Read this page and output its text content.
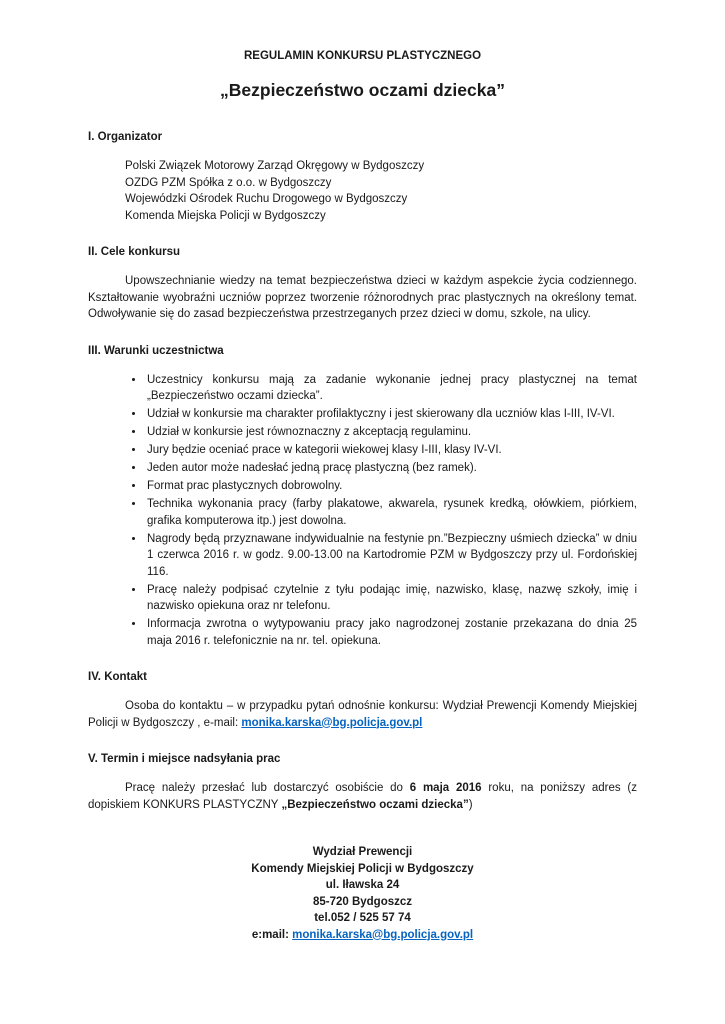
REGULAMIN KONKURSU PLASTYCZNEGO
„Bezpieczeństwo oczami dziecka”
I. Organizator
Polski Związek Motorowy Zarząd Okręgowy w Bydgoszczy
OZDG PZM Spółka z o.o. w Bydgoszczy
Wojewódzki Ośrodek Ruchu Drogowego w Bydgoszczy
Komenda Miejska Policji w Bydgoszczy
II. Cele konkursu
Upowszechnianie wiedzy na temat bezpieczeństwa dzieci w każdym aspekcie życia codziennego. Kształtowanie wyobraźni uczniów poprzez tworzenie różnorodnych prac plastycznych na określony temat. Odwoływanie się do zasad bezpieczeństwa przestrzeganych przez dzieci w domu, szkole, na ulicy.
III. Warunki uczestnictwa
• Uczestnicy konkursu mają za zadanie wykonanie jednej pracy plastycznej na temat „Bezpieczeństwo oczami dziecka”.
• Udział w konkursie ma charakter profilaktyczny i jest skierowany dla uczniów klas I-III, IV-VI.
• Udział w konkursie jest równoznaczny z akceptacją regulaminu.
• Jury będzie oceniać prace w kategorii wiekowej klasy I-III, klasy IV-VI.
• Jeden autor może nadesłać jedną pracę plastyczną (bez ramek).
• Format prac plastycznych dobrowolny.
• Technika wykonania pracy (farby plakatowe, akwarela, rysunek kredką, ołówkiem, piórkiem, grafika komputerowa itp.) jest dowolna.
• Nagrody będą przyznawane indywidualnie na festynie pn.”Bezpieczny uśmiech dziecka” w dniu 1 czerwca 2016 r. w godz. 9.00-13.00 na Kartodromie PZM w Bydgoszczy przy ul. Fordońskiej 116.
• Pracę należy podpisać czytelnie z tyłu podając imię, nazwisko, klasę, nazwę szkoły, imię i nazwisko opiekuna oraz nr telefonu.
• Informacja zwrotna o wytypowaniu pracy jako nagrodzonej zostanie przekazana do dnia 25 maja 2016 r. telefonicznie na nr. tel. opiekuna.
IV. Kontakt
Osoba do kontaktu – w przypadku pytań odnośnie konkursu: Wydział Prewencji Komendy Miejskiej Policji w Bydgoszczy , e-mail: monika.karska@bg.policja.gov.pl
V. Termin i miejsce nadsyłania prac
Pracę należy przesłać lub dostarczyć osobiście do 6 maja 2016 roku, na poniższy adres (z dopiskiem KONKURS PLASTYCZNY „Bezpieczeństwo oczami dziecka”)
Wydział Prewencji
Komendy Miejskiej Policji w Bydgoszczy
ul. Iławska 24
85-720 Bydgoszcz
tel.052 / 525 57 74
e:mail: monika.karska@bg.policja.gov.pl
